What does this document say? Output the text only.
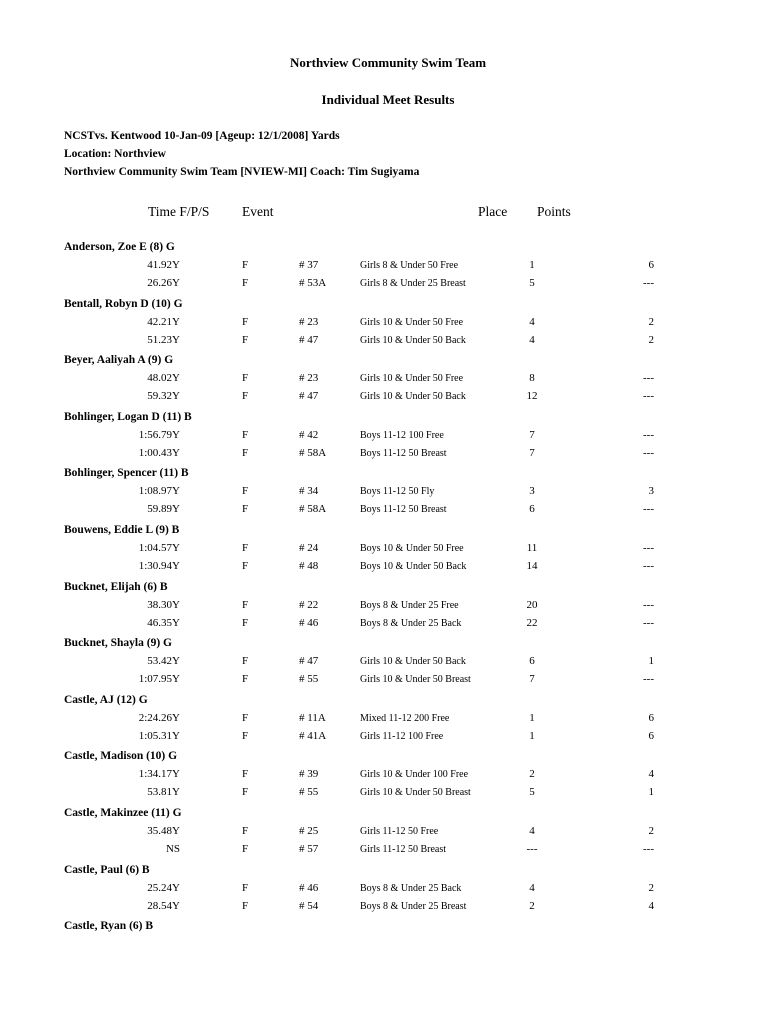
Northview Community Swim Team
Individual Meet Results
NCSTvs. Kentwood 10-Jan-09 [Ageup: 12/1/2008] Yards
Location: Northview
Northview Community Swim Team [NVIEW-MI] Coach: Tim Sugiyama
Time F/P/S Event	Place Points
Anderson, Zoe E (8) G
41.92Y	F	# 37	Girls 8 & Under 50 Free	1	6
26.26Y	F	# 53A	Girls 8 & Under 25 Breast	5	---
Bentall, Robyn D (10) G
42.21Y	F	# 23	Girls 10 & Under 50 Free	4	2
51.23Y	F	# 47	Girls 10 & Under 50 Back	4	2
Beyer, Aaliyah A (9) G
48.02Y	F	# 23	Girls 10 & Under 50 Free	8	---
59.32Y	F	# 47	Girls 10 & Under 50 Back	12	---
Bohlinger, Logan D (11) B
1:56.79Y	F	# 42	Boys 11-12 100 Free	7	---
1:00.43Y	F	# 58A	Boys 11-12 50 Breast	7	---
Bohlinger, Spencer (11) B
1:08.97Y	F	# 34	Boys 11-12 50 Fly	3	3
59.89Y	F	# 58A	Boys 11-12 50 Breast	6	---
Bouwens, Eddie L (9) B
1:04.57Y	F	# 24	Boys 10 & Under 50 Free	11	---
1:30.94Y	F	# 48	Boys 10 & Under 50 Back	14	---
Bucknet, Elijah (6) B
38.30Y	F	# 22	Boys 8 & Under 25 Free	20	---
46.35Y	F	# 46	Boys 8 & Under 25 Back	22	---
Bucknet, Shayla (9) G
53.42Y	F	# 47	Girls 10 & Under 50 Back	6	1
1:07.95Y	F	# 55	Girls 10 & Under 50 Breast	7	---
Castle, AJ (12) G
2:24.26Y	F	# 11A	Mixed 11-12 200 Free	1	6
1:05.31Y	F	# 41A	Girls 11-12 100 Free	1	6
Castle, Madison (10) G
1:34.17Y	F	# 39	Girls 10 & Under 100 Free	2	4
53.81Y	F	# 55	Girls 10 & Under 50 Breast	5	1
Castle, Makinzee (11) G
35.48Y	F	# 25	Girls 11-12 50 Free	4	2
NS	F	# 57	Girls 11-12 50 Breast	---	---
Castle, Paul (6) B
25.24Y	F	# 46	Boys 8 & Under 25 Back	4	2
28.54Y	F	# 54	Boys 8 & Under 25 Breast	2	4
Castle, Ryan (6) B
